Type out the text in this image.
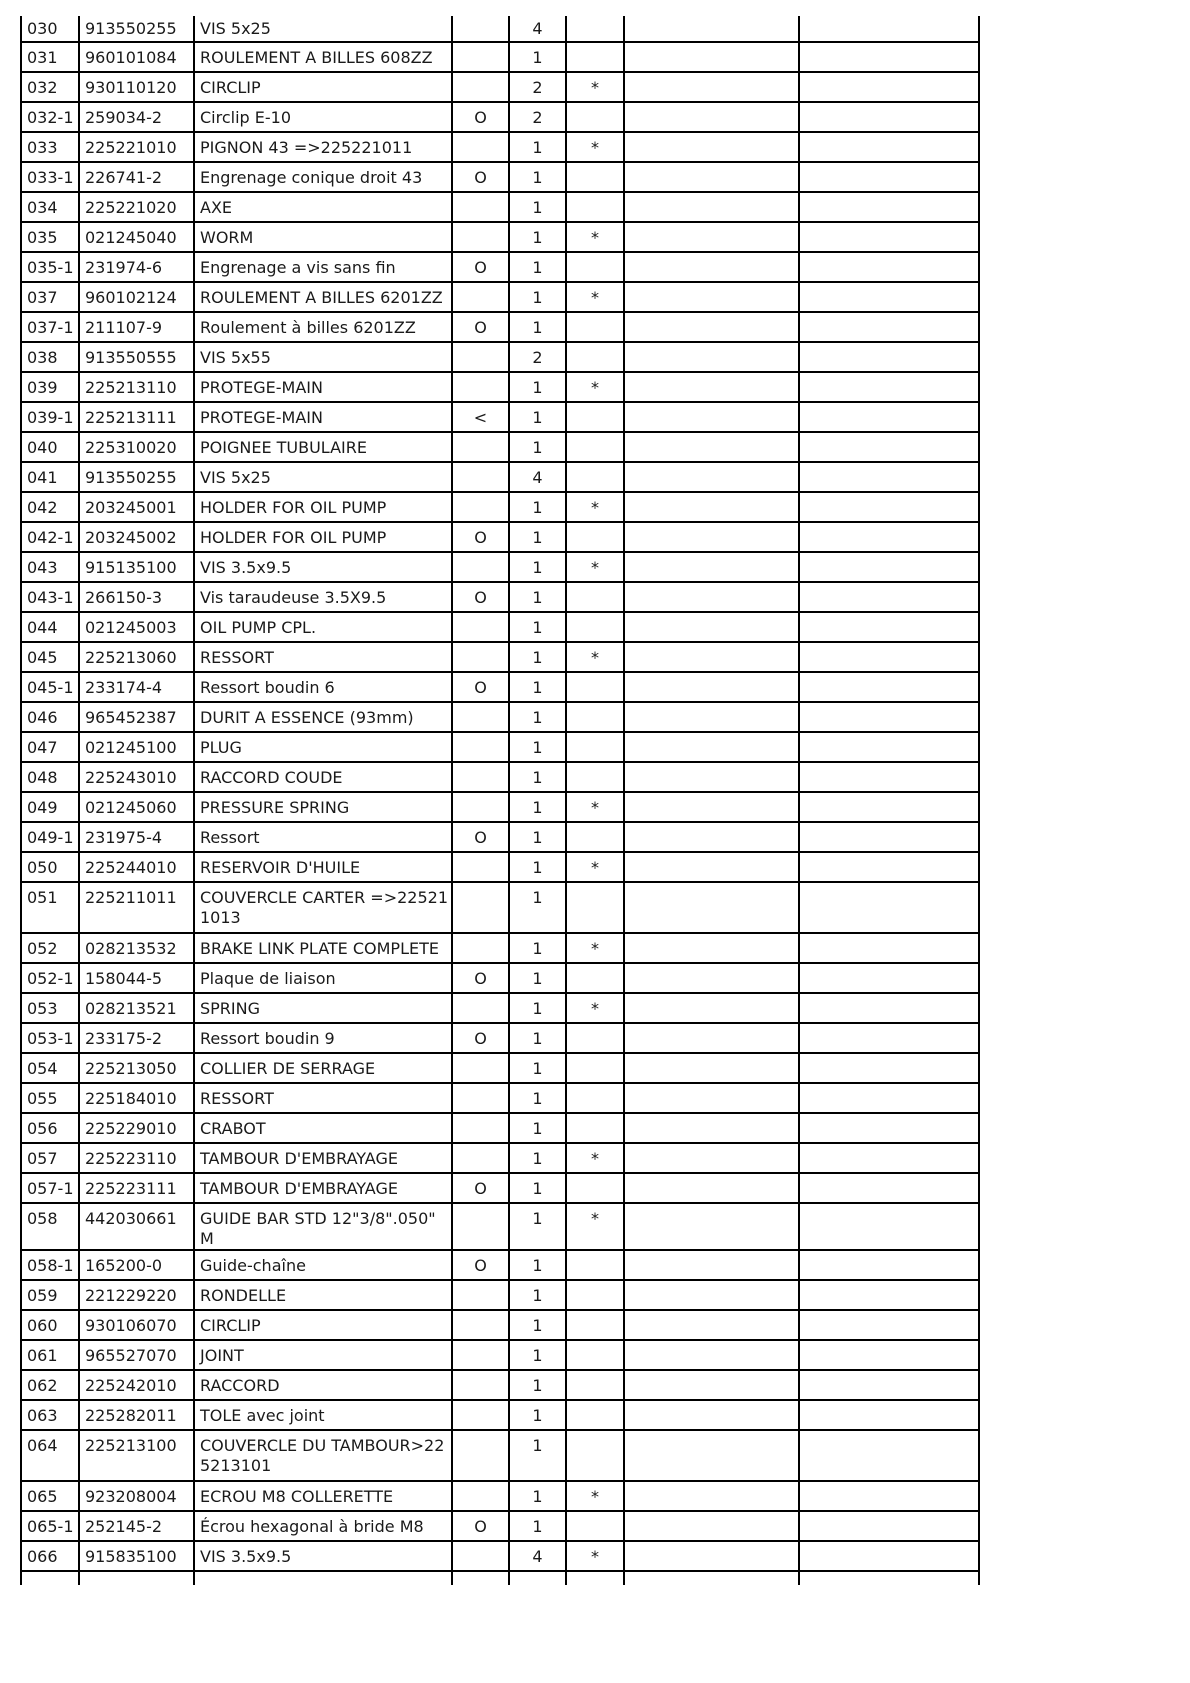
030	913550255	VIS 5x25		4			
031	960101084	ROULEMENT A BILLES 608ZZ		1			
032	930110120	CIRCLIP		2	*		
032-1	259034-2	Circlip E-10	O	2			
033	225221010	PIGNON 43 =>225221011		1	*		
033-1	226741-2	Engrenage conique droit 43	O	1			
034	225221020	AXE		1			
035	021245040	WORM		1	*		
035-1	231974-6	Engrenage a vis sans fin	O	1			
037	960102124	ROULEMENT A BILLES 6201ZZ		1	*		
037-1	211107-9	Roulement à billes 6201ZZ	O	1			
038	913550555	VIS 5x55		2			
039	225213110	PROTEGE-MAIN		1	*		
039-1	225213111	PROTEGE-MAIN	<	1			
040	225310020	POIGNEE TUBULAIRE		1			
041	913550255	VIS 5x25		4			
042	203245001	HOLDER FOR OIL PUMP		1	*		
042-1	203245002	HOLDER FOR OIL PUMP	O	1			
043	915135100	VIS 3.5x9.5		1	*		
043-1	266150-3	Vis taraudeuse 3.5X9.5	O	1			
044	021245003	OIL PUMP CPL.		1			
045	225213060	RESSORT		1	*		
045-1	233174-4	Ressort boudin 6	O	1			
046	965452387	DURIT A ESSENCE (93mm)		1			
047	021245100	PLUG		1			
048	225243010	RACCORD COUDE		1			
049	021245060	PRESSURE SPRING		1	*		
049-1	231975-4	Ressort	O	1			
050	225244010	RESERVOIR D'HUILE		1	*		
051	225211011	COUVERCLE CARTER =>225211013		1			
052	028213532	BRAKE LINK PLATE COMPLETE		1	*		
052-1	158044-5	Plaque de liaison	O	1			
053	028213521	SPRING		1	*		
053-1	233175-2	Ressort boudin 9	O	1			
054	225213050	COLLIER DE SERRAGE		1			
055	225184010	RESSORT		1			
056	225229010	CRABOT		1			
057	225223110	TAMBOUR D'EMBRAYAGE		1	*		
057-1	225223111	TAMBOUR D'EMBRAYAGE	O	1			
058	442030661	GUIDE BAR STD 12"3/8".050" M		1	*		
058-1	165200-0	Guide-chaîne	O	1			
059	221229220	RONDELLE		1			
060	930106070	CIRCLIP		1			
061	965527070	JOINT		1			
062	225242010	RACCORD		1			
063	225282011	TOLE avec joint		1			
064	225213100	COUVERCLE DU TAMBOUR>225213101		1			
065	923208004	ECROU M8 COLLERETTE		1	*		
065-1	252145-2	Écrou hexagonal à bride M8	O	1			
066	915835100	VIS 3.5x9.5		4	*		
